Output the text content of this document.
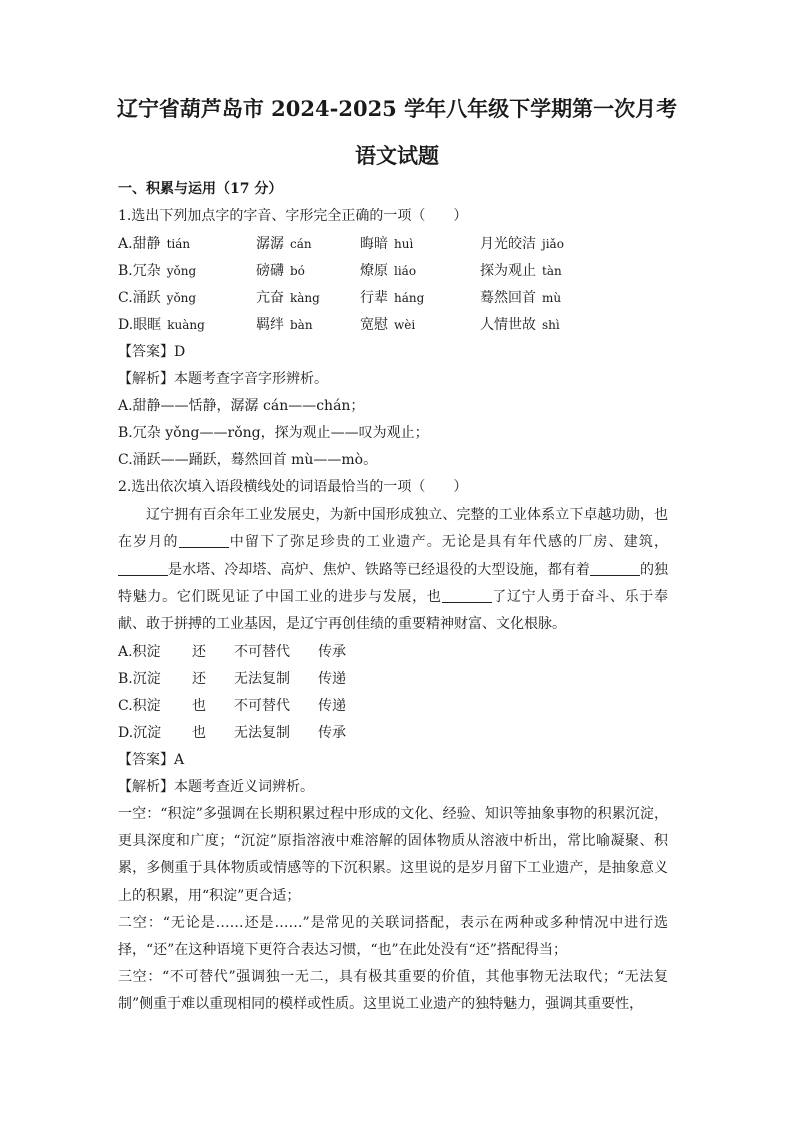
辽宁省葫芦岛市 2024-2025 学年八年级下学期第一次月考
语文试题
一、积累与运用（17 分）
1.选出下列加点字的字音、字形完全正确的一项（　　）
A.甜静 tián	潺潺 cán	晦暗 huì	月光皎洁 jiǎo
B.冗杂 yǒng	磅礴 bó	燎原 liáo	探为观止 tàn
C.涌跃 yǒng	亢奋 kàng	行辈 háng	蓦然回首 mù
D.眼眶 kuàng	羁绊 bàn	宽慰 wèi	人情世故 shì
【答案】D
【解析】本题考查字音字形辨析。
A.甜静——恬静，潺潺 cán——chán；
B.冗杂 yǒng——rǒng，探为观止——叹为观止；
C.涌跃——踊跃，蓦然回首 mù——mò。
2.选出依次填入语段横线处的词语最恰当的一项（　　）
辽宁拥有百余年工业发展史，为新中国形成独立、完整的工业体系立下卓越功勋，也在岁月的	中留下了弥足珍贵的工业遗产。无论是具有年代感的厂房、建筑，是水塔、冷却塔、高炉、焦炉、铁路等已经退役的大型设施，都有着	的独特魅力。它们既见证了中国工业的进步与发展，也	了辽宁人勇于奋斗、乐于奉献、敢于拼搏的工业基因，是辽宁再创佳绩的重要精神财富、文化根脉。
A.积淀 还 不可替代 传承
B.沉淀 还 无法复制 传递
C.积淀 也 不可替代 传递
D.沉淀 也 无法复制 传承
【答案】A
【解析】本题考查近义词辨析。
一空：“积淀”多强调在长期积累过程中形成的文化、经验、知识等抽象事物的积累沉淀，更具深度和广度；“沉淀”原指溶液中难溶解的固体物质从溶液中析出，常比喻凝聚、积累，多侧重于具体物质或情感等的下沉积累。这里说的是岁月留下工业遗产，是抽象意义上的积累，用“积淀”更合适；
二空：“无论是……还是……”是常见的关联词搭配，表示在两种或多种情况中进行选择，“还”在这种语境下更符合表达习惯，“也”在此处没有“还”搭配得当；
三空：“不可替代”强调独一无二，具有极其重要的价值，其他事物无法取代；“无法复制”侧重于难以重现相同的模样或性质。这里说工业遗产的独特魅力，强调其重要性，
